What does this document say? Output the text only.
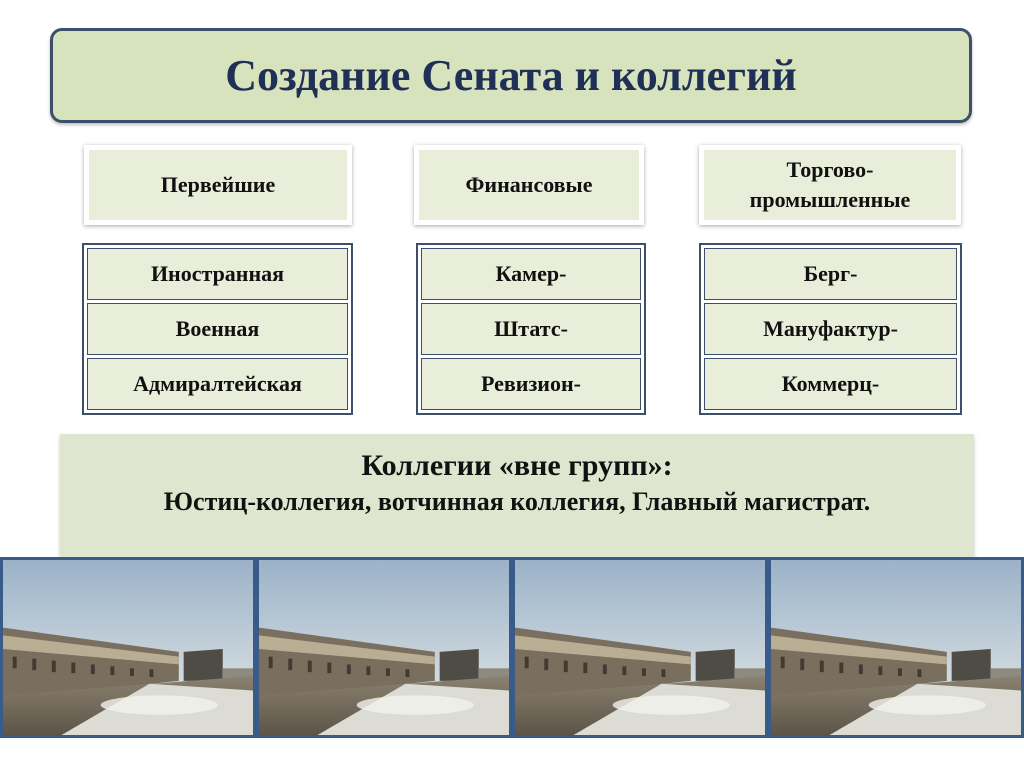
Создание Сената и коллегий
Первейшие	Финансовые
Торгово-
промышленные
Иностранная
Военная
Адмиралтейская
Камер-
Штатс-
Ревизион-
Берг-
Мануфактур-
Коммерц-
Коллегии «вне групп»:
Юстиц-коллегия, вотчинная коллегия, Главный магистрат.
